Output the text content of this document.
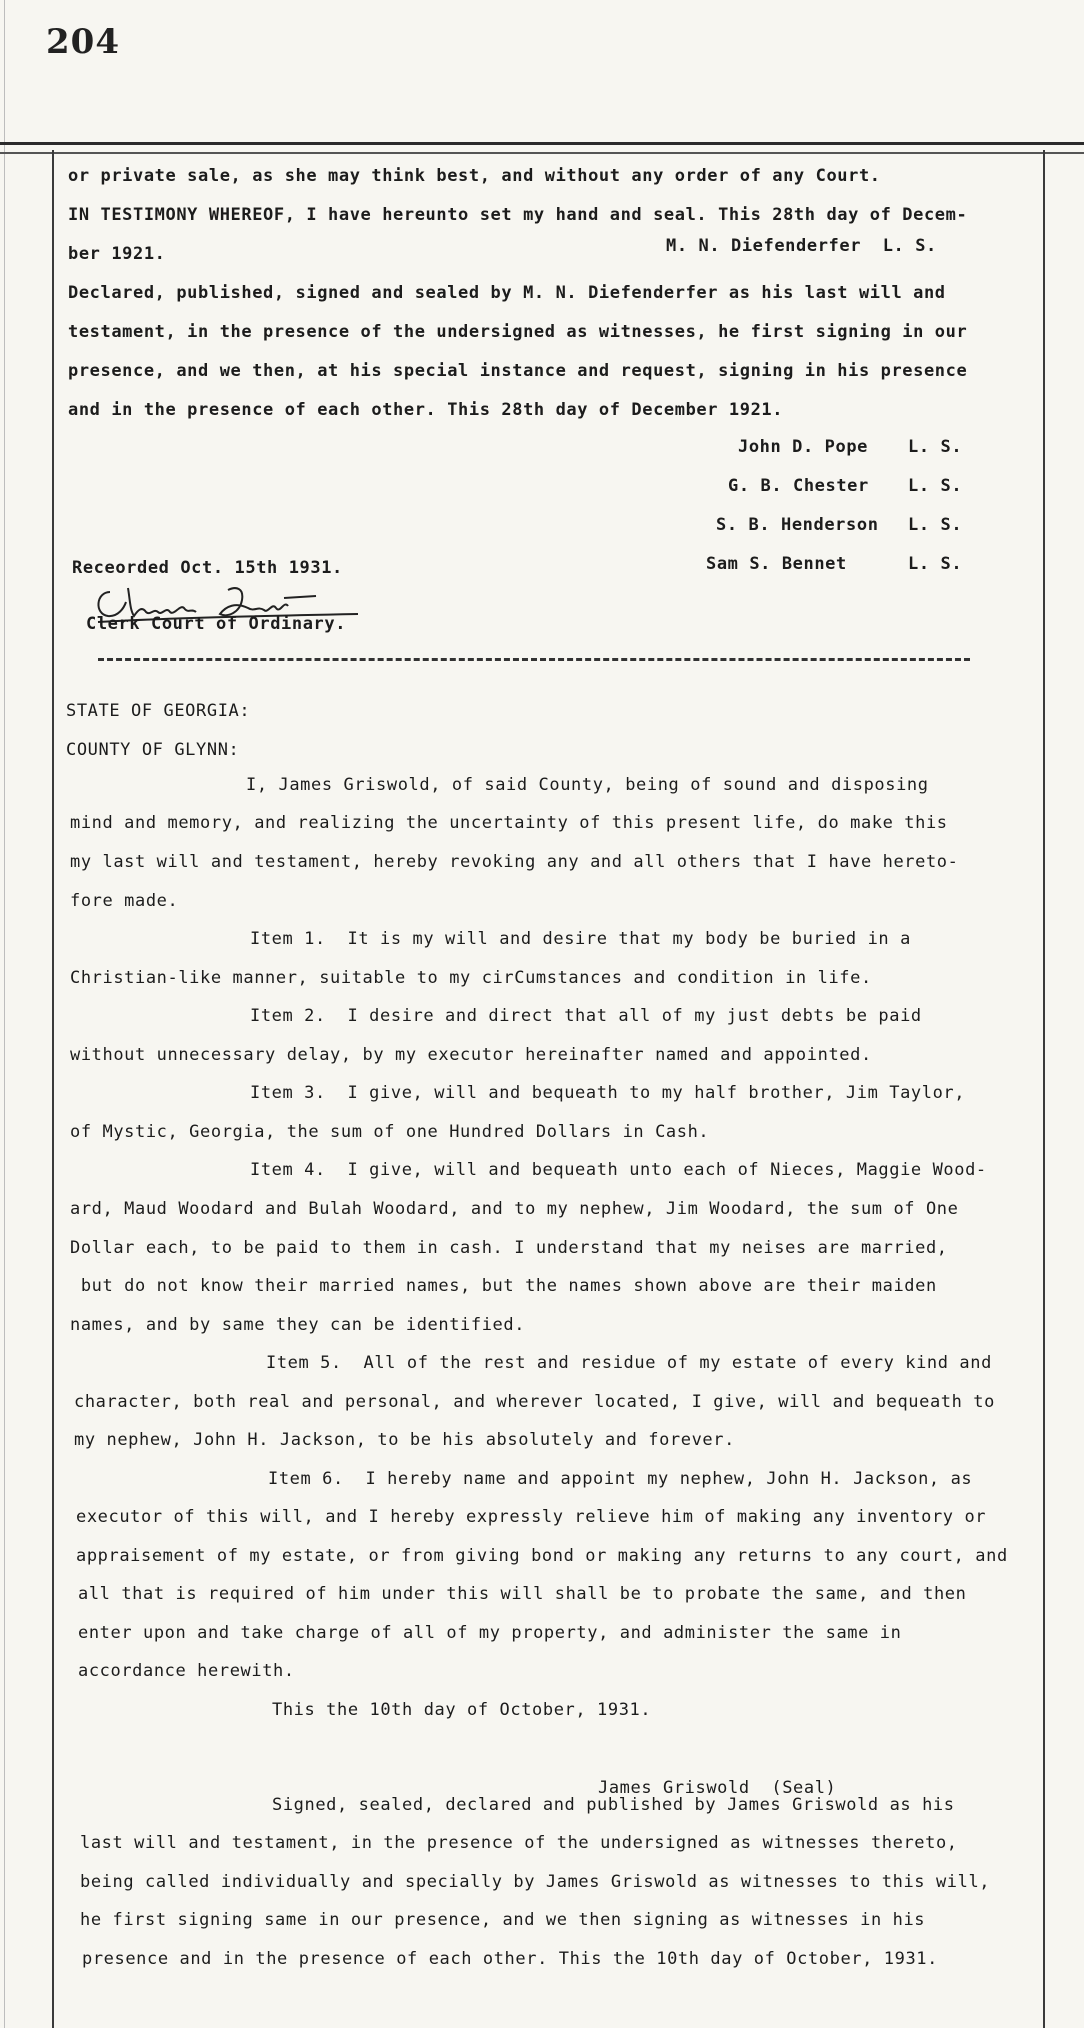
204
or private sale, as she may think best, and without any order of any Court.
IN TESTIMONY WHEREOF, I have hereunto set my hand and seal. This 28th day of Decem-
ber 1921.	M. N. Diefenderfer  L. S.
Declared, published, signed and sealed by M. N. Diefenderfer as his last will and
testament, in the presence of the undersigned as witnesses, he first signing in our
presence, and we then, at his special instance and request, signing in his presence
and in the presence of each other. This 28th day of December 1921.
John D. Pope L. S.
G. B. Chester L. S.
S. B. Henderson L. S.
Sam S. Bennet	L. S.
Receorded Oct. 15th 1931.
Clerk Court of Ordinary.
STATE OF GEORGIA:
COUNTY OF GLYNN:
I, James Griswold, of said County, being of sound and disposing
mind and memory, and realizing the uncertainty of this present life, do make this
my last will and testament, hereby revoking any and all others that I have hereto-
fore made.
Item 1.  It is my will and desire that my body be buried in a
Christian-like manner, suitable to my cirCumstances and condition in life.
Item 2.  I desire and direct that all of my just debts be paid
without unnecessary delay, by my executor hereinafter named and appointed.
Item 3.  I give, will and bequeath to my half brother, Jim Taylor,
of Mystic, Georgia, the sum of one Hundred Dollars in Cash.
Item 4.  I give, will and bequeath unto each of Nieces, Maggie Wood-
ard, Maud Woodard and Bulah Woodard, and to my nephew, Jim Woodard, the sum of One
Dollar each, to be paid to them in cash. I understand that my neises are married,
but do not know their married names, but the names shown above are their maiden
names, and by same they can be identified.
Item 5.  All of the rest and residue of my estate of every kind and
character, both real and personal, and wherever located, I give, will and bequeath to
my nephew, John H. Jackson, to be his absolutely and forever.
Item 6.  I hereby name and appoint my nephew, John H. Jackson, as
executor of this will, and I hereby expressly relieve him of making any inventory or
appraisement of my estate, or from giving bond or making any returns to any court, and
all that is required of him under this will shall be to probate the same, and then
enter upon and take charge of all of my property, and administer the same in
accordance herewith.
This the 10th day of October, 1931.
James Griswold  (Seal)
Signed, sealed, declared and published by James Griswold as his
last will and testament, in the presence of the undersigned as witnesses thereto,
being called individually and specially by James Griswold as witnesses to this will,
he first signing same in our presence, and we then signing as witnesses in his
presence and in the presence of each other. This the 10th day of October, 1931.
